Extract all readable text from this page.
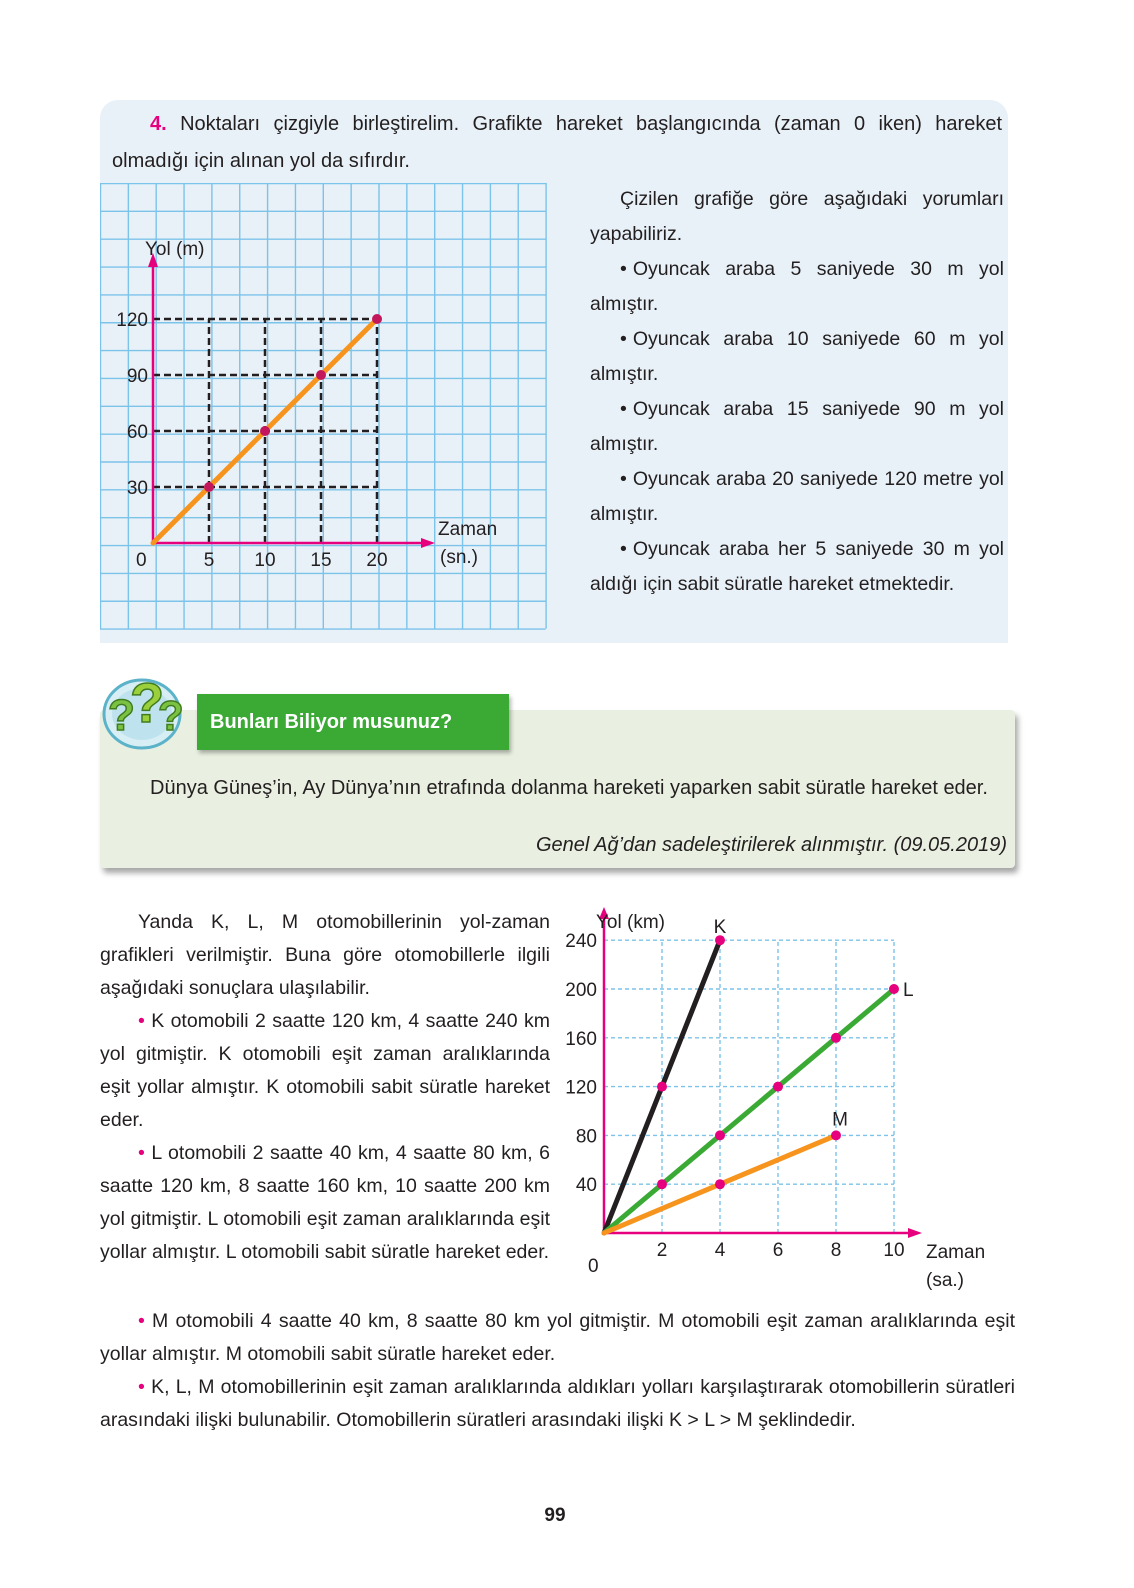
4. Noktaları çizgiyle birleştirelim. Grafikte hareket başlangıcında (zaman 0 iken) hareket olmadığı için alınan yol da sıfırdır.

Yol (m)
Zaman
(sn.)
0	5 10 15 20
30
60
90
120

Çizilen grafiğe göre aşağıdaki yorumları yapabiliriz.

• Oyuncak araba 5 saniyede 30 m yol almıştır.

• Oyuncak araba 10 saniyede 60 m yol almıştır.

• Oyuncak araba 15 saniyede 90 m yol almıştır.

• Oyuncak araba 20 saniyede 120 metre yol almıştır.

• Oyuncak araba her 5 saniyede 30 m yol aldığı için sabit süratle hareket etmektedir.

Bunları Biliyor musunuz?
?
?
?

Dünya Güneş’in, Ay Dünya’nın etrafında dolanma hareketi yaparken sabit süratle hareket eder.

Genel Ağ’dan sadeleştirilerek alınmıştır. (09.05.2019)

Yanda K, L, M otomobillerinin yol-zaman grafikleri verilmiştir. Buna göre otomobillerle ilgili aşağıdaki sonuçlara ulaşılabilir.

• K otomobili 2 saatte 120 km, 4 saatte 240 km yol gitmiştir. K otomobili eşit zaman aralıklarında eşit yollar almıştır. K otomobili sabit süratle hareket eder.

• L otomobili 2 saatte 40 km, 4 saatte 80 km, 6 saatte 120 km, 8 saatte 160 km, 10 saatte 200 km yol gitmiştir. L otomobili eşit zaman aralıklarında eşit yollar almıştır. L otomobili sabit süratle hareket eder.

• M otomobili 4 saatte 40 km, 8 saatte 80 km yol gitmiştir. M otomobili eşit zaman aralıklarında eşit yollar almıştır. M otomobili sabit süratle hareket eder.

• K, L, M otomobillerinin eşit zaman aralıklarında aldıkları yolları karşılaştırarak otomobillerin süratleri arasındaki ilişki bulunabilir. Otomobillerin süratleri arasındaki ilişki K > L > M şeklindedir.

Yol (km)
Zaman
(sa.)
0
2 4 6 8 10
40
80
120
160
200
240
K
L
M
99
